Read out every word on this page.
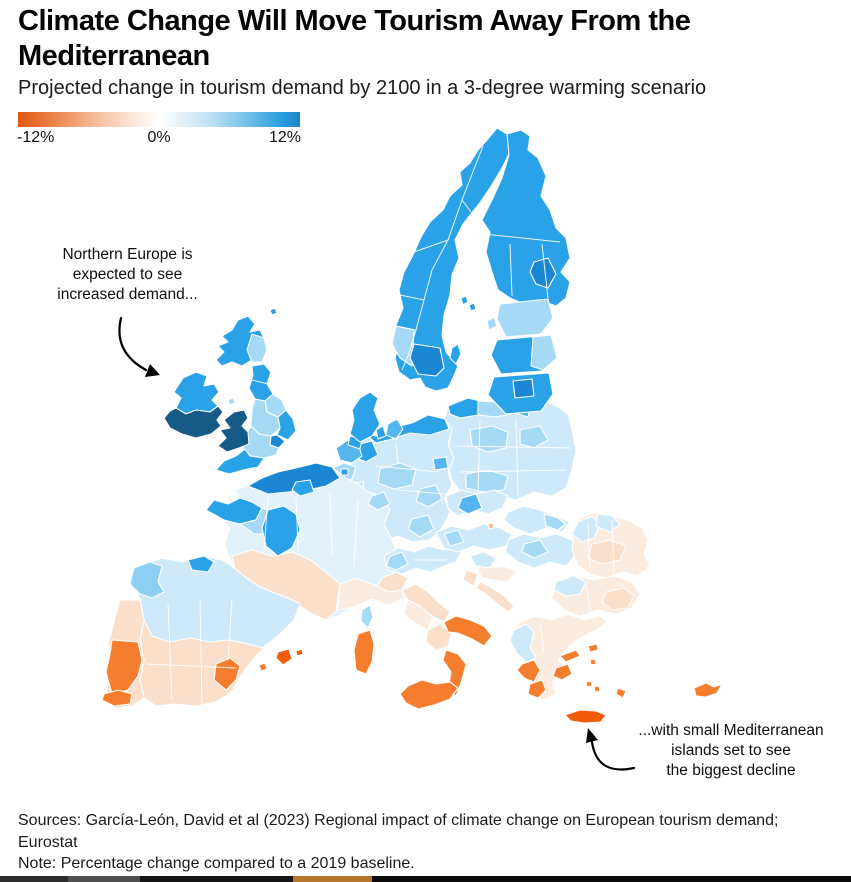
Climate Change Will Move Tourism Away From the Mediterranean

Projected change in tourism demand by 2100 in a 3-degree warming scenario

-12%	0%	12%
Northern Europe is
expected to see
increased demand...
...with small Mediterranean
islands set to see
the biggest decline

Sources: García-León, David et al (2023) Regional impact of climate change on European tourism demand; Eurostat

Note: Percentage change compared to a 2019 baseline.
